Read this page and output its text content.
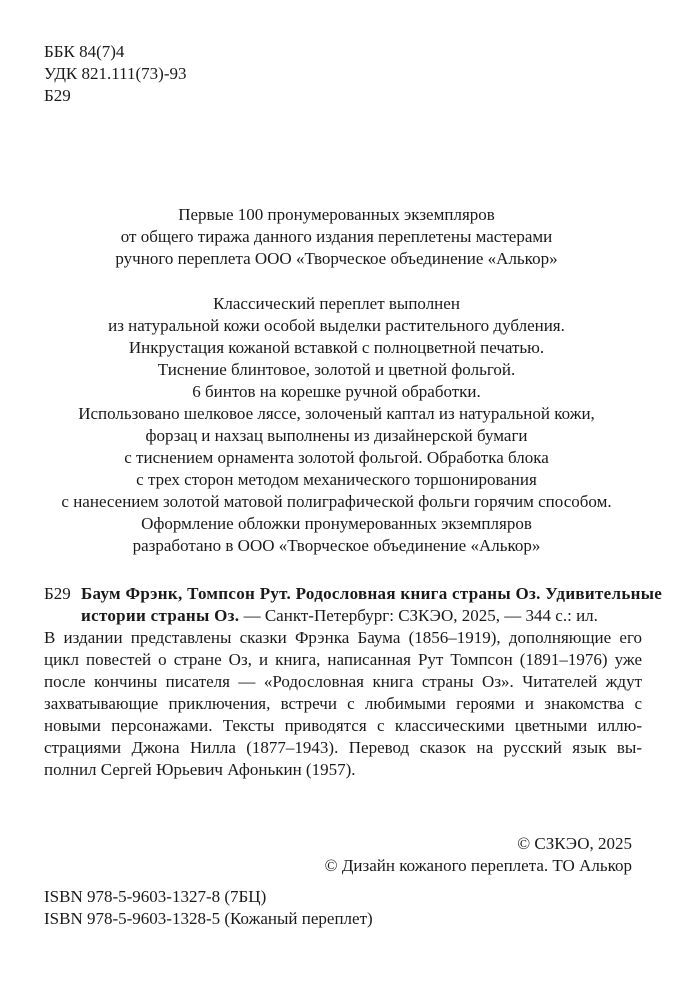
ББК 84(7)4
УДК 821.111(73)-93
Б29
Первые 100 пронумерованных экземпляров
от общего тиража данного издания переплетены мастерами
ручного переплета ООО «Творческое объединение «Алькор»
Классический переплет выполнен
из натуральной кожи особой выделки растительного дубления.
Инкрустация кожаной вставкой с полноцветной печатью.
Тиснение блинтовое, золотой и цветной фольгой.
6 бинтов на корешке ручной обработки.
Использовано шелковое ляссе, золоченый каптал из натуральной кожи,
форзац и нахзац выполнены из дизайнерской бумаги
с тиснением орнамента золотой фольгой. Обработка блока
с трех сторон методом механического торшонирования
с нанесением золотой матовой полиграфической фольги горячим способом.
Оформление обложки пронумерованных экземпляров
разработано в ООО «Творческое объединение «Алькор»
Б29 Баум Фрэнк, Томпсон Рут. Родословная книга страны Оз. Удивительные
истории страны Оз. — Санкт-Петербург: СЗКЭО, 2025, — 344 с.: ил.
В издании представлены сказки Фрэнка Баума (1856–1919), дополняющие его
цикл повестей о стране Оз, и книга, написанная Рут Томпсон (1891–1976) уже
после кончины писателя — «Родословная книга страны Оз». Читателей ждут
захватывающие приключения, встречи с любимыми героями и знакомства с
новыми персонажами. Тексты приводятся с классическими цветными иллю-
страциями Джона Нилла (1877–1943). Перевод сказок на русский язык вы-
полнил Сергей Юрьевич Афонькин (1957).
© СЗКЭО, 2025
© Дизайн кожаного переплета. ТО Алькор
ISBN 978-5-9603-1327-8 (7БЦ)
ISBN 978-5-9603-1328-5 (Кожаный переплет)
